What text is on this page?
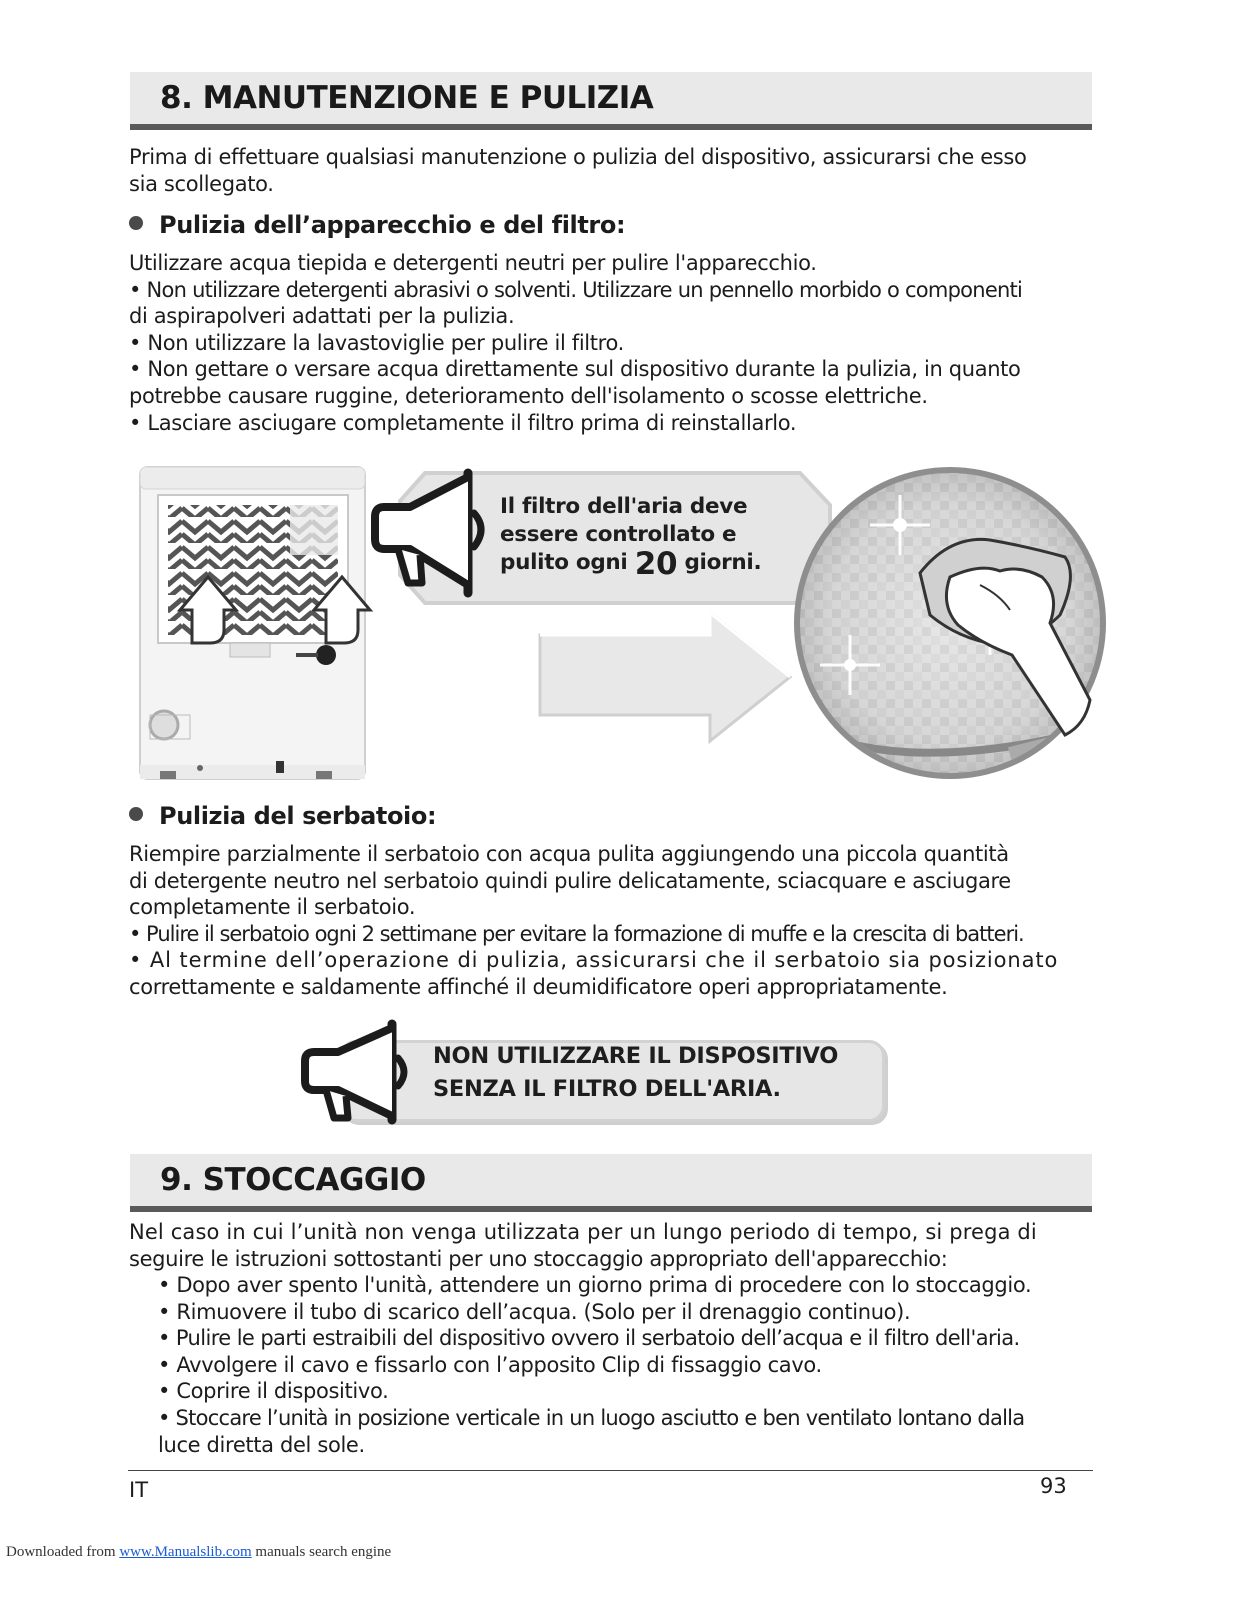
8. MANUTENZIONE E PULIZIA

Prima di effettuare qualsiasi manutenzione o pulizia del dispositivo, assicurarsi che esso

sia scollegato.

Pulizia dell’apparecchio e del filtro:

Utilizzare acqua tiepida e detergenti neutri per pulire l'apparecchio.

• Non utilizzare detergenti abrasivi o solventi. Utilizzare un pennello morbido o componenti

di aspirapolveri adattati per la pulizia.

• Non utilizzare la lavastoviglie per pulire il filtro.

• Non gettare o versare acqua direttamente sul dispositivo durante la pulizia, in quanto

potrebbe causare ruggine, deterioramento dell'isolamento o scosse elettriche.

• Lasciare asciugare completamente il filtro prima di reinstallarlo.

Il filtro dell'aria deve
essere controllato e
pulito ogni 20 giorni.
Pulizia del serbatoio:

Riempire parzialmente il serbatoio con acqua pulita aggiungendo una piccola quantità

di detergente neutro nel serbatoio quindi pulire delicatamente, sciacquare e asciugare

completamente il serbatoio.

• Pulire il serbatoio ogni 2 settimane per evitare la formazione di muffe e la crescita di batteri.

• Al termine dell’operazione di pulizia, assicurarsi che il serbatoio sia posizionato

correttamente e saldamente affinché il deumidificatore operi appropriatamente.

NON UTILIZZARE IL DISPOSITIVO
SENZA IL FILTRO DELL'ARIA.
9. STOCCAGGIO

Nel caso in cui l’unità non venga utilizzata per un lungo periodo di tempo, si prega di

seguire le istruzioni sottostanti per uno stoccaggio appropriato dell'apparecchio:

• Dopo aver spento l'unità, attendere un giorno prima di procedere con lo stoccaggio.

• Rimuovere il tubo di scarico dell’acqua. (Solo per il drenaggio continuo).

• Pulire le parti estraibili del dispositivo ovvero il serbatoio dell’acqua e il filtro dell'aria.

• Avvolgere il cavo e fissarlo con l’apposito Clip di fissaggio cavo.

• Coprire il dispositivo.

• Stoccare l’unità in posizione verticale in un luogo asciutto e ben ventilato lontano dalla

luce diretta del sole.

IT	93
Downloaded from www.Manualslib.com manuals search engine
